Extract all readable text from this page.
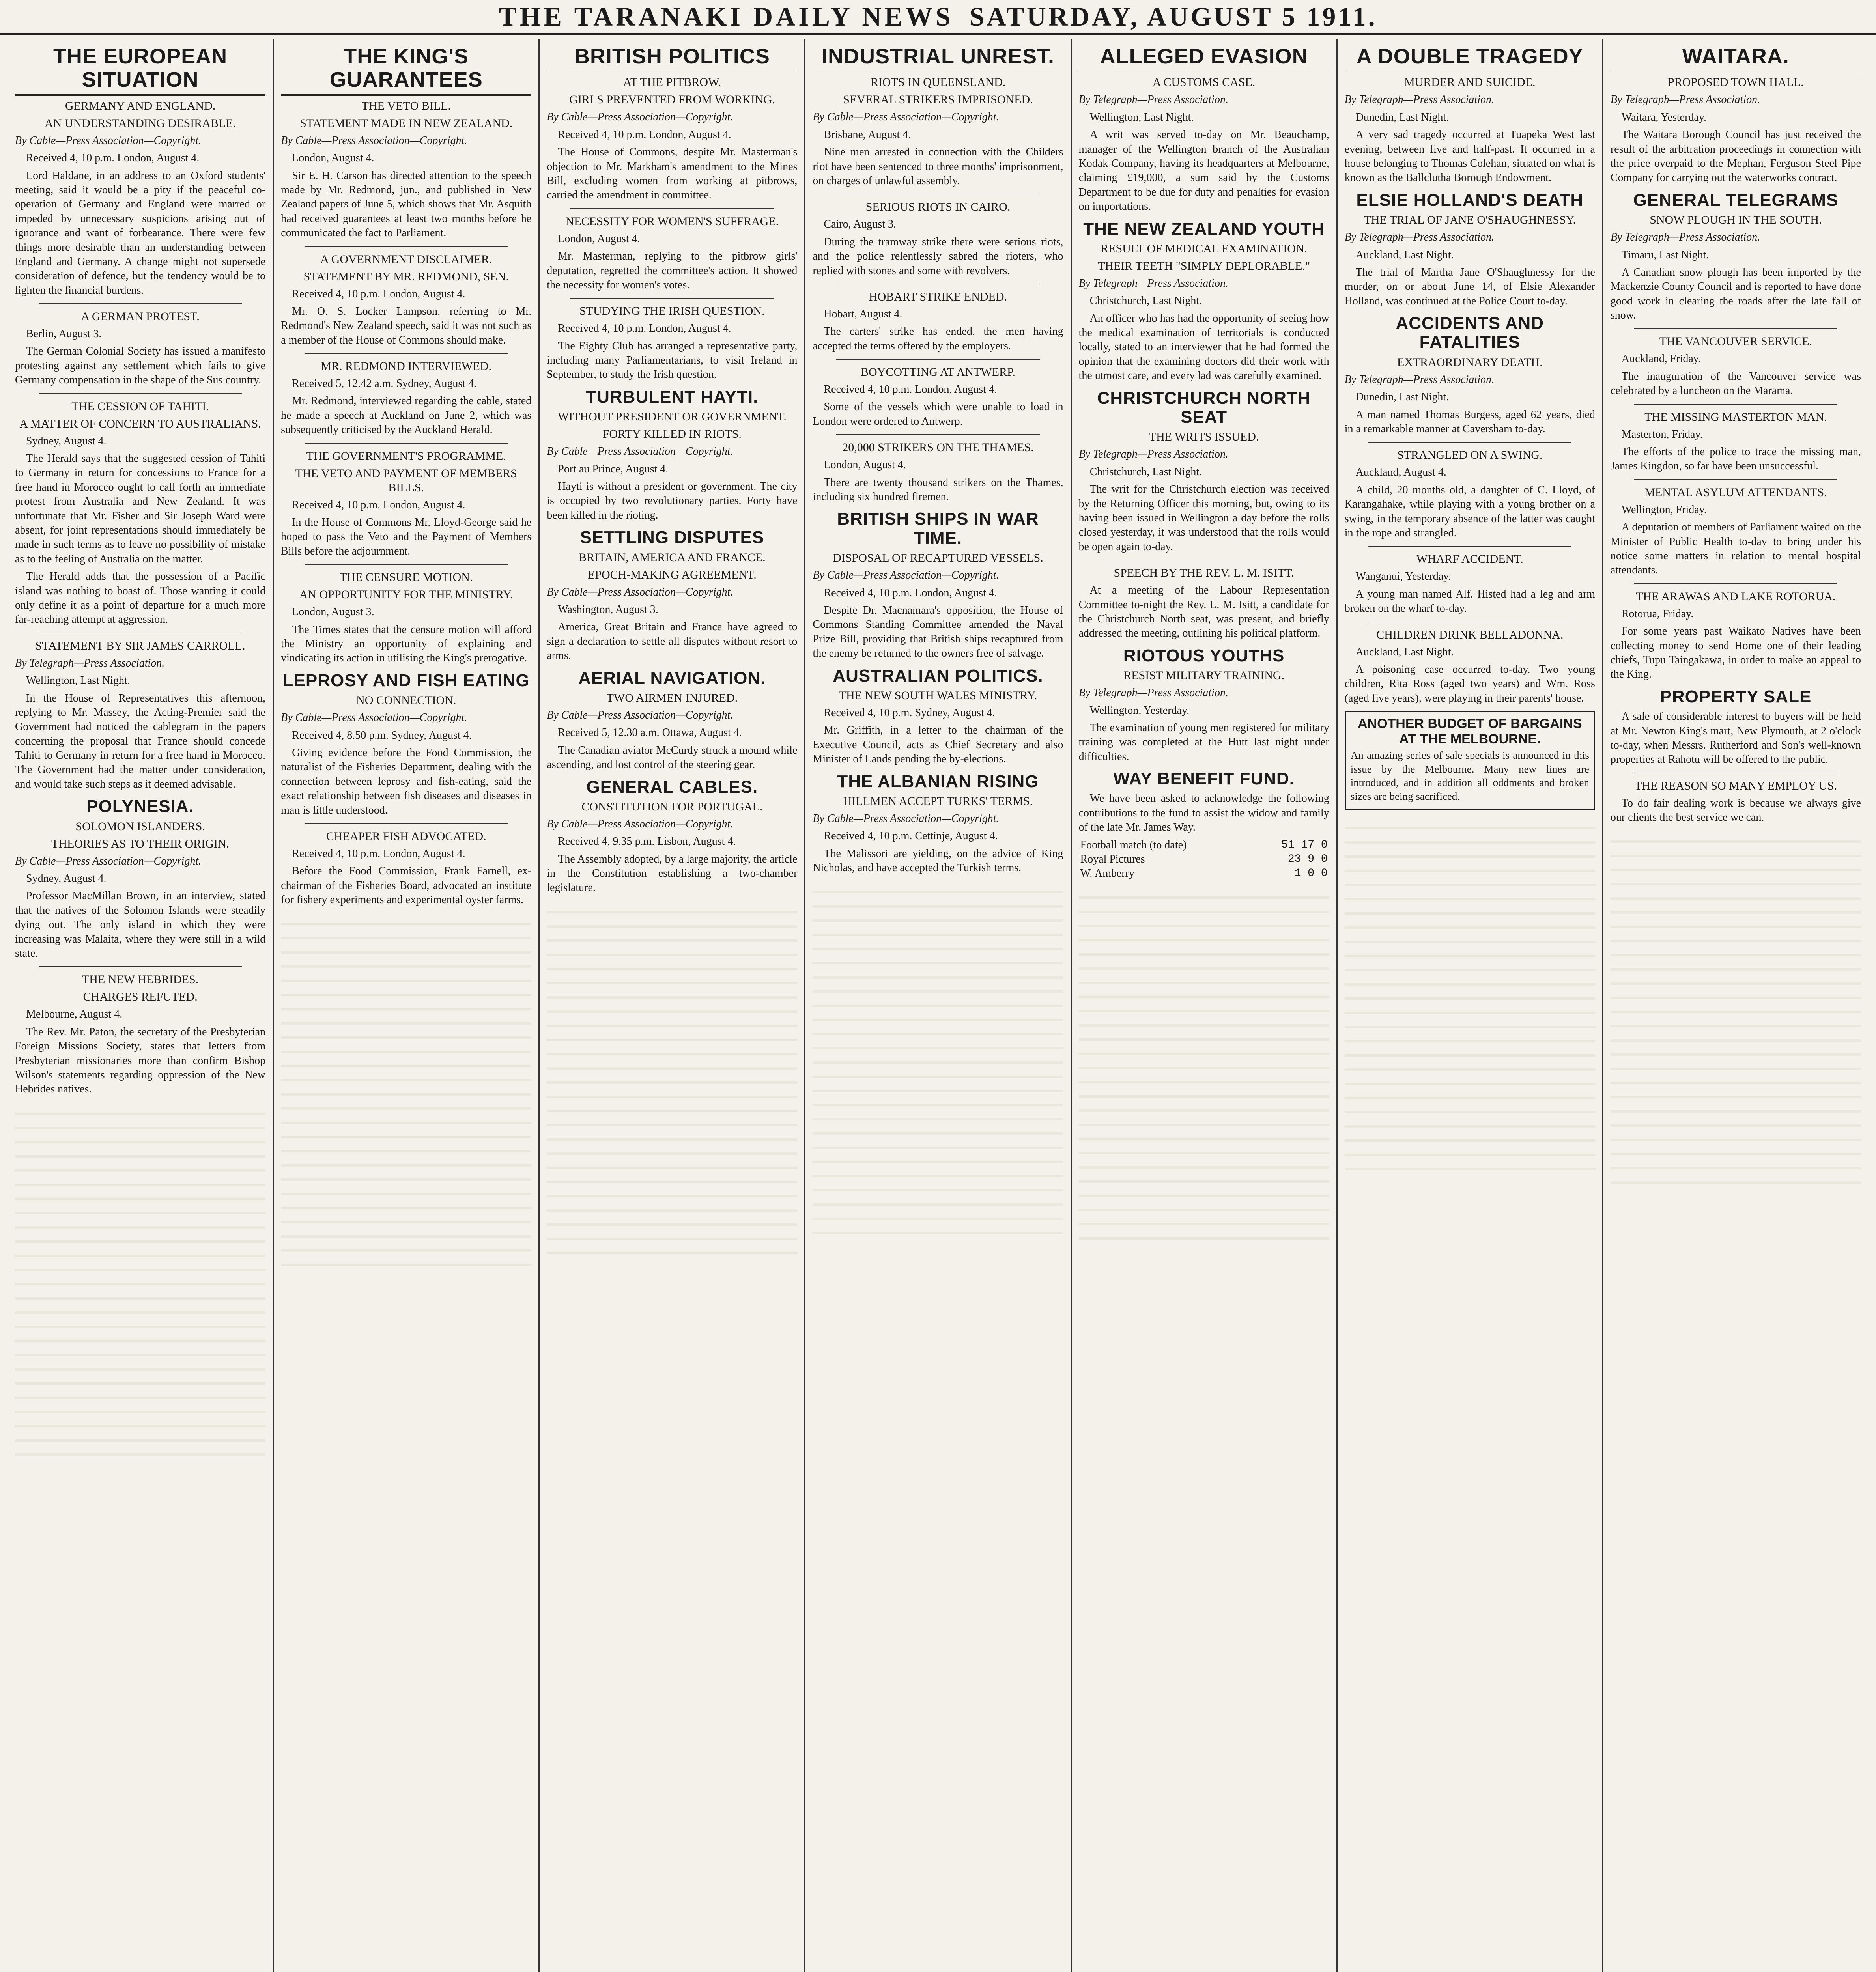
THE TARANAKI DAILY NEWS SATURDAY, AUGUST 5 1911.
THE EUROPEAN SITUATION
GERMANY AND ENGLAND.
AN UNDERSTANDING DESIRABLE.

By Cable—Press Association—Copyright.

Received 4, 10 p.m. London, August 4.

Lord Haldane, in an address to an Oxford students' meeting, said it would be a pity if the peaceful co-operation of Germany and England were marred or impeded by unnecessary suspicions arising out of ignorance and want of forbearance. There were few things more desirable than an understanding between England and Germany. A change might not supersede consideration of defence, but the tendency would be to lighten the financial burdens.

A GERMAN PROTEST.

Berlin, August 3.

The German Colonial Society has issued a manifesto protesting against any settlement which fails to give Germany compensation in the shape of the Sus country.

THE CESSION OF TAHITI.
A MATTER OF CONCERN TO AUSTRALIANS.

Sydney, August 4.

The Herald says that the suggested cession of Tahiti to Germany in return for concessions to France for a free hand in Morocco ought to call forth an immediate protest from Australia and New Zealand. It was unfortunate that Mr. Fisher and Sir Joseph Ward were absent, for joint representations should immediately be made in such terms as to leave no possibility of mistake as to the feeling of Australia on the matter.

The Herald adds that the possession of a Pacific island was nothing to boast of. Those wanting it could only define it as a point of departure for a much more far-reaching attempt at aggression.

STATEMENT BY SIR JAMES CARROLL.

By Telegraph—Press Association.

Wellington, Last Night.

In the House of Representatives this afternoon, replying to Mr. Massey, the Acting-Premier said the Government had noticed the cablegram in the papers concerning the proposal that France should concede Tahiti to Germany in return for a free hand in Morocco. The Government had the matter under consideration, and would take such steps as it deemed advisable.

POLYNESIA.
SOLOMON ISLANDERS.
THEORIES AS TO THEIR ORIGIN.

By Cable—Press Association—Copyright.

Sydney, August 4.

Professor MacMillan Brown, in an interview, stated that the natives of the Solomon Islands were steadily dying out. The only island in which they were increasing was Malaita, where they were still in a wild state.

THE NEW HEBRIDES.
CHARGES REFUTED.

Melbourne, August 4.

The Rev. Mr. Paton, the secretary of the Presbyterian Foreign Missions Society, states that letters from Presbyterian missionaries more than confirm Bishop Wilson's statements regarding oppression of the New Hebrides natives.

THE KING'S GUARANTEES
THE VETO BILL.
STATEMENT MADE IN NEW ZEALAND.

By Cable—Press Association—Copyright.

London, August 4.

Sir E. H. Carson has directed attention to the speech made by Mr. Redmond, jun., and published in New Zealand papers of June 5, which shows that Mr. Asquith had received guarantees at least two months before he communicated the fact to Parliament.

A GOVERNMENT DISCLAIMER.
STATEMENT BY MR. REDMOND, SEN.

Received 4, 10 p.m. London, August 4.

Mr. O. S. Locker Lampson, referring to Mr. Redmond's New Zealand speech, said it was not such as a member of the House of Commons should make.

MR. REDMOND INTERVIEWED.

Received 5, 12.42 a.m. Sydney, August 4.

Mr. Redmond, interviewed regarding the cable, stated he made a speech at Auckland on June 2, which was subsequently criticised by the Auckland Herald.

THE GOVERNMENT'S PROGRAMME.
THE VETO AND PAYMENT OF MEMBERS BILLS.

Received 4, 10 p.m. London, August 4.

In the House of Commons Mr. Lloyd-George said he hoped to pass the Veto and the Payment of Members Bills before the adjournment.

THE CENSURE MOTION.
AN OPPORTUNITY FOR THE MINISTRY.

London, August 3.

The Times states that the censure motion will afford the Ministry an opportunity of explaining and vindicating its action in utilising the King's prerogative.

LEPROSY AND FISH EATING
NO CONNECTION.

By Cable—Press Association—Copyright.

Received 4, 8.50 p.m. Sydney, August 4.

Giving evidence before the Food Commission, the naturalist of the Fisheries Department, dealing with the connection between leprosy and fish-eating, said the exact relationship between fish diseases and diseases in man is little understood.

CHEAPER FISH ADVOCATED.

Received 4, 10 p.m. London, August 4.

Before the Food Commission, Frank Farnell, ex-chairman of the Fisheries Board, advocated an institute for fishery experiments and experimental oyster farms.

BRITISH POLITICS
AT THE PITBROW.
GIRLS PREVENTED FROM WORKING.

By Cable—Press Association—Copyright.

Received 4, 10 p.m. London, August 4.

The House of Commons, despite Mr. Masterman's objection to Mr. Markham's amendment to the Mines Bill, excluding women from working at pitbrows, carried the amendment in committee.

NECESSITY FOR WOMEN'S SUFFRAGE.

London, August 4.

Mr. Masterman, replying to the pitbrow girls' deputation, regretted the committee's action. It showed the necessity for women's votes.

STUDYING THE IRISH QUESTION.

Received 4, 10 p.m. London, August 4.

The Eighty Club has arranged a representative party, including many Parliamentarians, to visit Ireland in September, to study the Irish question.

TURBULENT HAYTI.
WITHOUT PRESIDENT OR GOVERNMENT.
FORTY KILLED IN RIOTS.

By Cable—Press Association—Copyright.

Port au Prince, August 4.

Hayti is without a president or government. The city is occupied by two revolutionary parties. Forty have been killed in the rioting.

SETTLING DISPUTES
BRITAIN, AMERICA AND FRANCE.
EPOCH-MAKING AGREEMENT.

By Cable—Press Association—Copyright.

Washington, August 3.

America, Great Britain and France have agreed to sign a declaration to settle all disputes without resort to arms.

AERIAL NAVIGATION.
TWO AIRMEN INJURED.

By Cable—Press Association—Copyright.

Received 5, 12.30 a.m. Ottawa, August 4.

The Canadian aviator McCurdy struck a mound while ascending, and lost control of the steering gear.

GENERAL CABLES.
CONSTITUTION FOR PORTUGAL.

By Cable—Press Association—Copyright.

Received 4, 9.35 p.m. Lisbon, August 4.

The Assembly adopted, by a large majority, the article in the Constitution establishing a two-chamber legislature.

INDUSTRIAL UNREST.
RIOTS IN QUEENSLAND.
SEVERAL STRIKERS IMPRISONED.

By Cable—Press Association—Copyright.

Brisbane, August 4.

Nine men arrested in connection with the Childers riot have been sentenced to three months' imprisonment, on charges of unlawful assembly.

SERIOUS RIOTS IN CAIRO.

Cairo, August 3.

During the tramway strike there were serious riots, and the police relentlessly sabred the rioters, who replied with stones and some with revolvers.

HOBART STRIKE ENDED.

Hobart, August 4.

The carters' strike has ended, the men having accepted the terms offered by the employers.

BOYCOTTING AT ANTWERP.

Received 4, 10 p.m. London, August 4.

Some of the vessels which were unable to load in London were ordered to Antwerp.

20,000 STRIKERS ON THE THAMES.

London, August 4.

There are twenty thousand strikers on the Thames, including six hundred firemen.

BRITISH SHIPS IN WAR TIME.
DISPOSAL OF RECAPTURED VESSELS.

By Cable—Press Association—Copyright.

Received 4, 10 p.m. London, August 4.

Despite Dr. Macnamara's opposition, the House of Commons Standing Committee amended the Naval Prize Bill, providing that British ships recaptured from the enemy be returned to the owners free of salvage.

AUSTRALIAN POLITICS.
THE NEW SOUTH WALES MINISTRY.

Received 4, 10 p.m. Sydney, August 4.

Mr. Griffith, in a letter to the chairman of the Executive Council, acts as Chief Secretary and also Minister of Lands pending the by-elections.

THE ALBANIAN RISING
HILLMEN ACCEPT TURKS' TERMS.

By Cable—Press Association—Copyright.

Received 4, 10 p.m. Cettinje, August 4.

The Malissori are yielding, on the advice of King Nicholas, and have accepted the Turkish terms.

ALLEGED EVASION
A CUSTOMS CASE.

By Telegraph—Press Association.

Wellington, Last Night.

A writ was served to-day on Mr. Beauchamp, manager of the Wellington branch of the Australian Kodak Company, having its headquarters at Melbourne, claiming £19,000, a sum said by the Customs Department to be due for duty and penalties for evasion on importations.

THE NEW ZEALAND YOUTH
RESULT OF MEDICAL EXAMINATION.
THEIR TEETH "SIMPLY DEPLORABLE."

By Telegraph—Press Association.

Christchurch, Last Night.

An officer who has had the opportunity of seeing how the medical examination of territorials is conducted locally, stated to an interviewer that he had formed the opinion that the examining doctors did their work with the utmost care, and every lad was carefully examined.

CHRISTCHURCH NORTH SEAT
THE WRITS ISSUED.

By Telegraph—Press Association.

Christchurch, Last Night.

The writ for the Christchurch election was received by the Returning Officer this morning, but, owing to its having been issued in Wellington a day before the rolls closed yesterday, it was understood that the rolls would be open again to-day.

SPEECH BY THE REV. L. M. ISITT.

At a meeting of the Labour Representation Committee to-night the Rev. L. M. Isitt, a candidate for the Christchurch North seat, was present, and briefly addressed the meeting, outlining his political platform.

RIOTOUS YOUTHS
RESIST MILITARY TRAINING.

By Telegraph—Press Association.

Wellington, Yesterday.

The examination of young men registered for military training was completed at the Hutt last night under difficulties.

WAY BENEFIT FUND.

We have been asked to acknowledge the following contributions to the fund to assist the widow and family of the late Mr. James Way.

Football match (to date)	51 17 0
Royal Pictures	23 9 0
W. Amberry	1 0 0
A DOUBLE TRAGEDY
MURDER AND SUICIDE.

By Telegraph—Press Association.

Dunedin, Last Night.

A very sad tragedy occurred at Tuapeka West last evening, between five and half-past. It occurred in a house belonging to Thomas Colehan, situated on what is known as the Ballclutha Borough Endowment.

ELSIE HOLLAND'S DEATH
THE TRIAL OF JANE O'SHAUGHNESSY.

By Telegraph—Press Association.

Auckland, Last Night.

The trial of Martha Jane O'Shaughnessy for the murder, on or about June 14, of Elsie Alexander Holland, was continued at the Police Court to-day.

ACCIDENTS AND FATALITIES
EXTRAORDINARY DEATH.

By Telegraph—Press Association.

Dunedin, Last Night.

A man named Thomas Burgess, aged 62 years, died in a remarkable manner at Caversham to-day.

STRANGLED ON A SWING.

Auckland, August 4.

A child, 20 months old, a daughter of C. Lloyd, of Karangahake, while playing with a young brother on a swing, in the temporary absence of the latter was caught in the rope and strangled.

WHARF ACCIDENT.

Wanganui, Yesterday.

A young man named Alf. Histed had a leg and arm broken on the wharf to-day.

CHILDREN DRINK BELLADONNA.

Auckland, Last Night.

A poisoning case occurred to-day. Two young children, Rita Ross (aged two years) and Wm. Ross (aged five years), were playing in their parents' house.

ANOTHER BUDGET OF BARGAINS AT THE MELBOURNE.

An amazing series of sale specials is announced in this issue by the Melbourne. Many new lines are introduced, and in addition all oddments and broken sizes are being sacrificed.

WAITARA.
PROPOSED TOWN HALL.

By Telegraph—Press Association.

Waitara, Yesterday.

The Waitara Borough Council has just received the result of the arbitration proceedings in connection with the price overpaid to the Mephan, Ferguson Steel Pipe Company for carrying out the waterworks contract.

GENERAL TELEGRAMS
SNOW PLOUGH IN THE SOUTH.

By Telegraph—Press Association.

Timaru, Last Night.

A Canadian snow plough has been imported by the Mackenzie County Council and is reported to have done good work in clearing the roads after the late fall of snow.

THE VANCOUVER SERVICE.

Auckland, Friday.

The inauguration of the Vancouver service was celebrated by a luncheon on the Marama.

THE MISSING MASTERTON MAN.

Masterton, Friday.

The efforts of the police to trace the missing man, James Kingdon, so far have been unsuccessful.

MENTAL ASYLUM ATTENDANTS.

Wellington, Friday.

A deputation of members of Parliament waited on the Minister of Public Health to-day to bring under his notice some matters in relation to mental hospital attendants.

THE ARAWAS AND LAKE ROTORUA.

Rotorua, Friday.

For some years past Waikato Natives have been collecting money to send Home one of their leading chiefs, Tupu Taingakawa, in order to make an appeal to the King.

PROPERTY SALE

A sale of considerable interest to buyers will be held at Mr. Newton King's mart, New Plymouth, at 2 o'clock to-day, when Messrs. Rutherford and Son's well-known properties at Rahotu will be offered to the public.

THE REASON SO MANY EMPLOY US.

To do fair dealing work is because we always give our clients the best service we can.
